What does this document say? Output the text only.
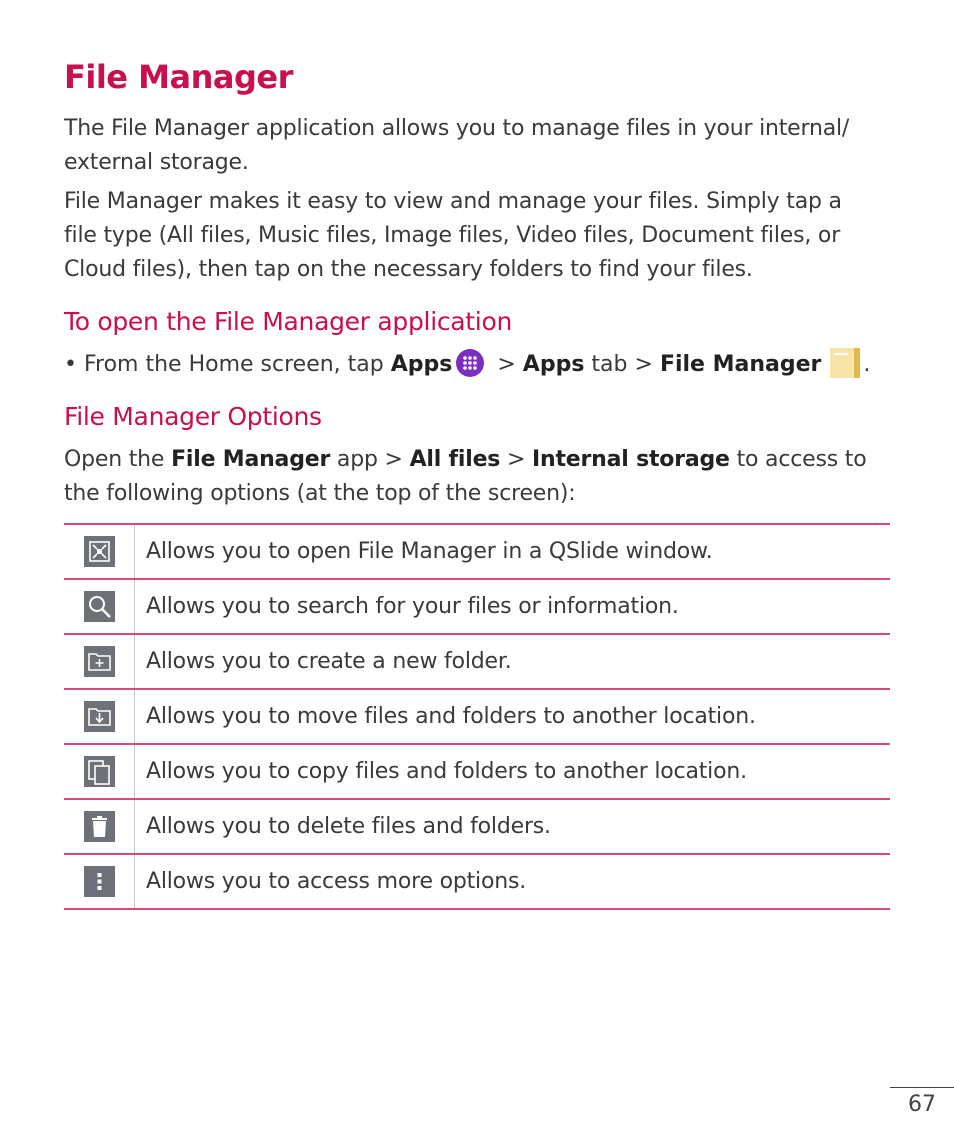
File Manager

The File Manager application allows you to manage files in your internal/ external storage.

File Manager makes it easy to view and manage your files. Simply tap a file type (All files, Music files, Image files, Video files, Document files, or Cloud files), then tap on the necessary folders to find your files.

To open the File Manager application
• From the Home screen, tap Apps > Apps tab > File Manager .
File Manager Options

Open the File Manager app > All files > Internal storage to access to the following options (at the top of the screen):

	Allows you to open File Manager in a QSlide window.

	Allows you to search for your files or information.

	Allows you to create a new folder.

	Allows you to move files and folders to another location.

	Allows you to copy files and folders to another location.

	Allows you to delete files and folders.

	Allows you to access more options.
67
